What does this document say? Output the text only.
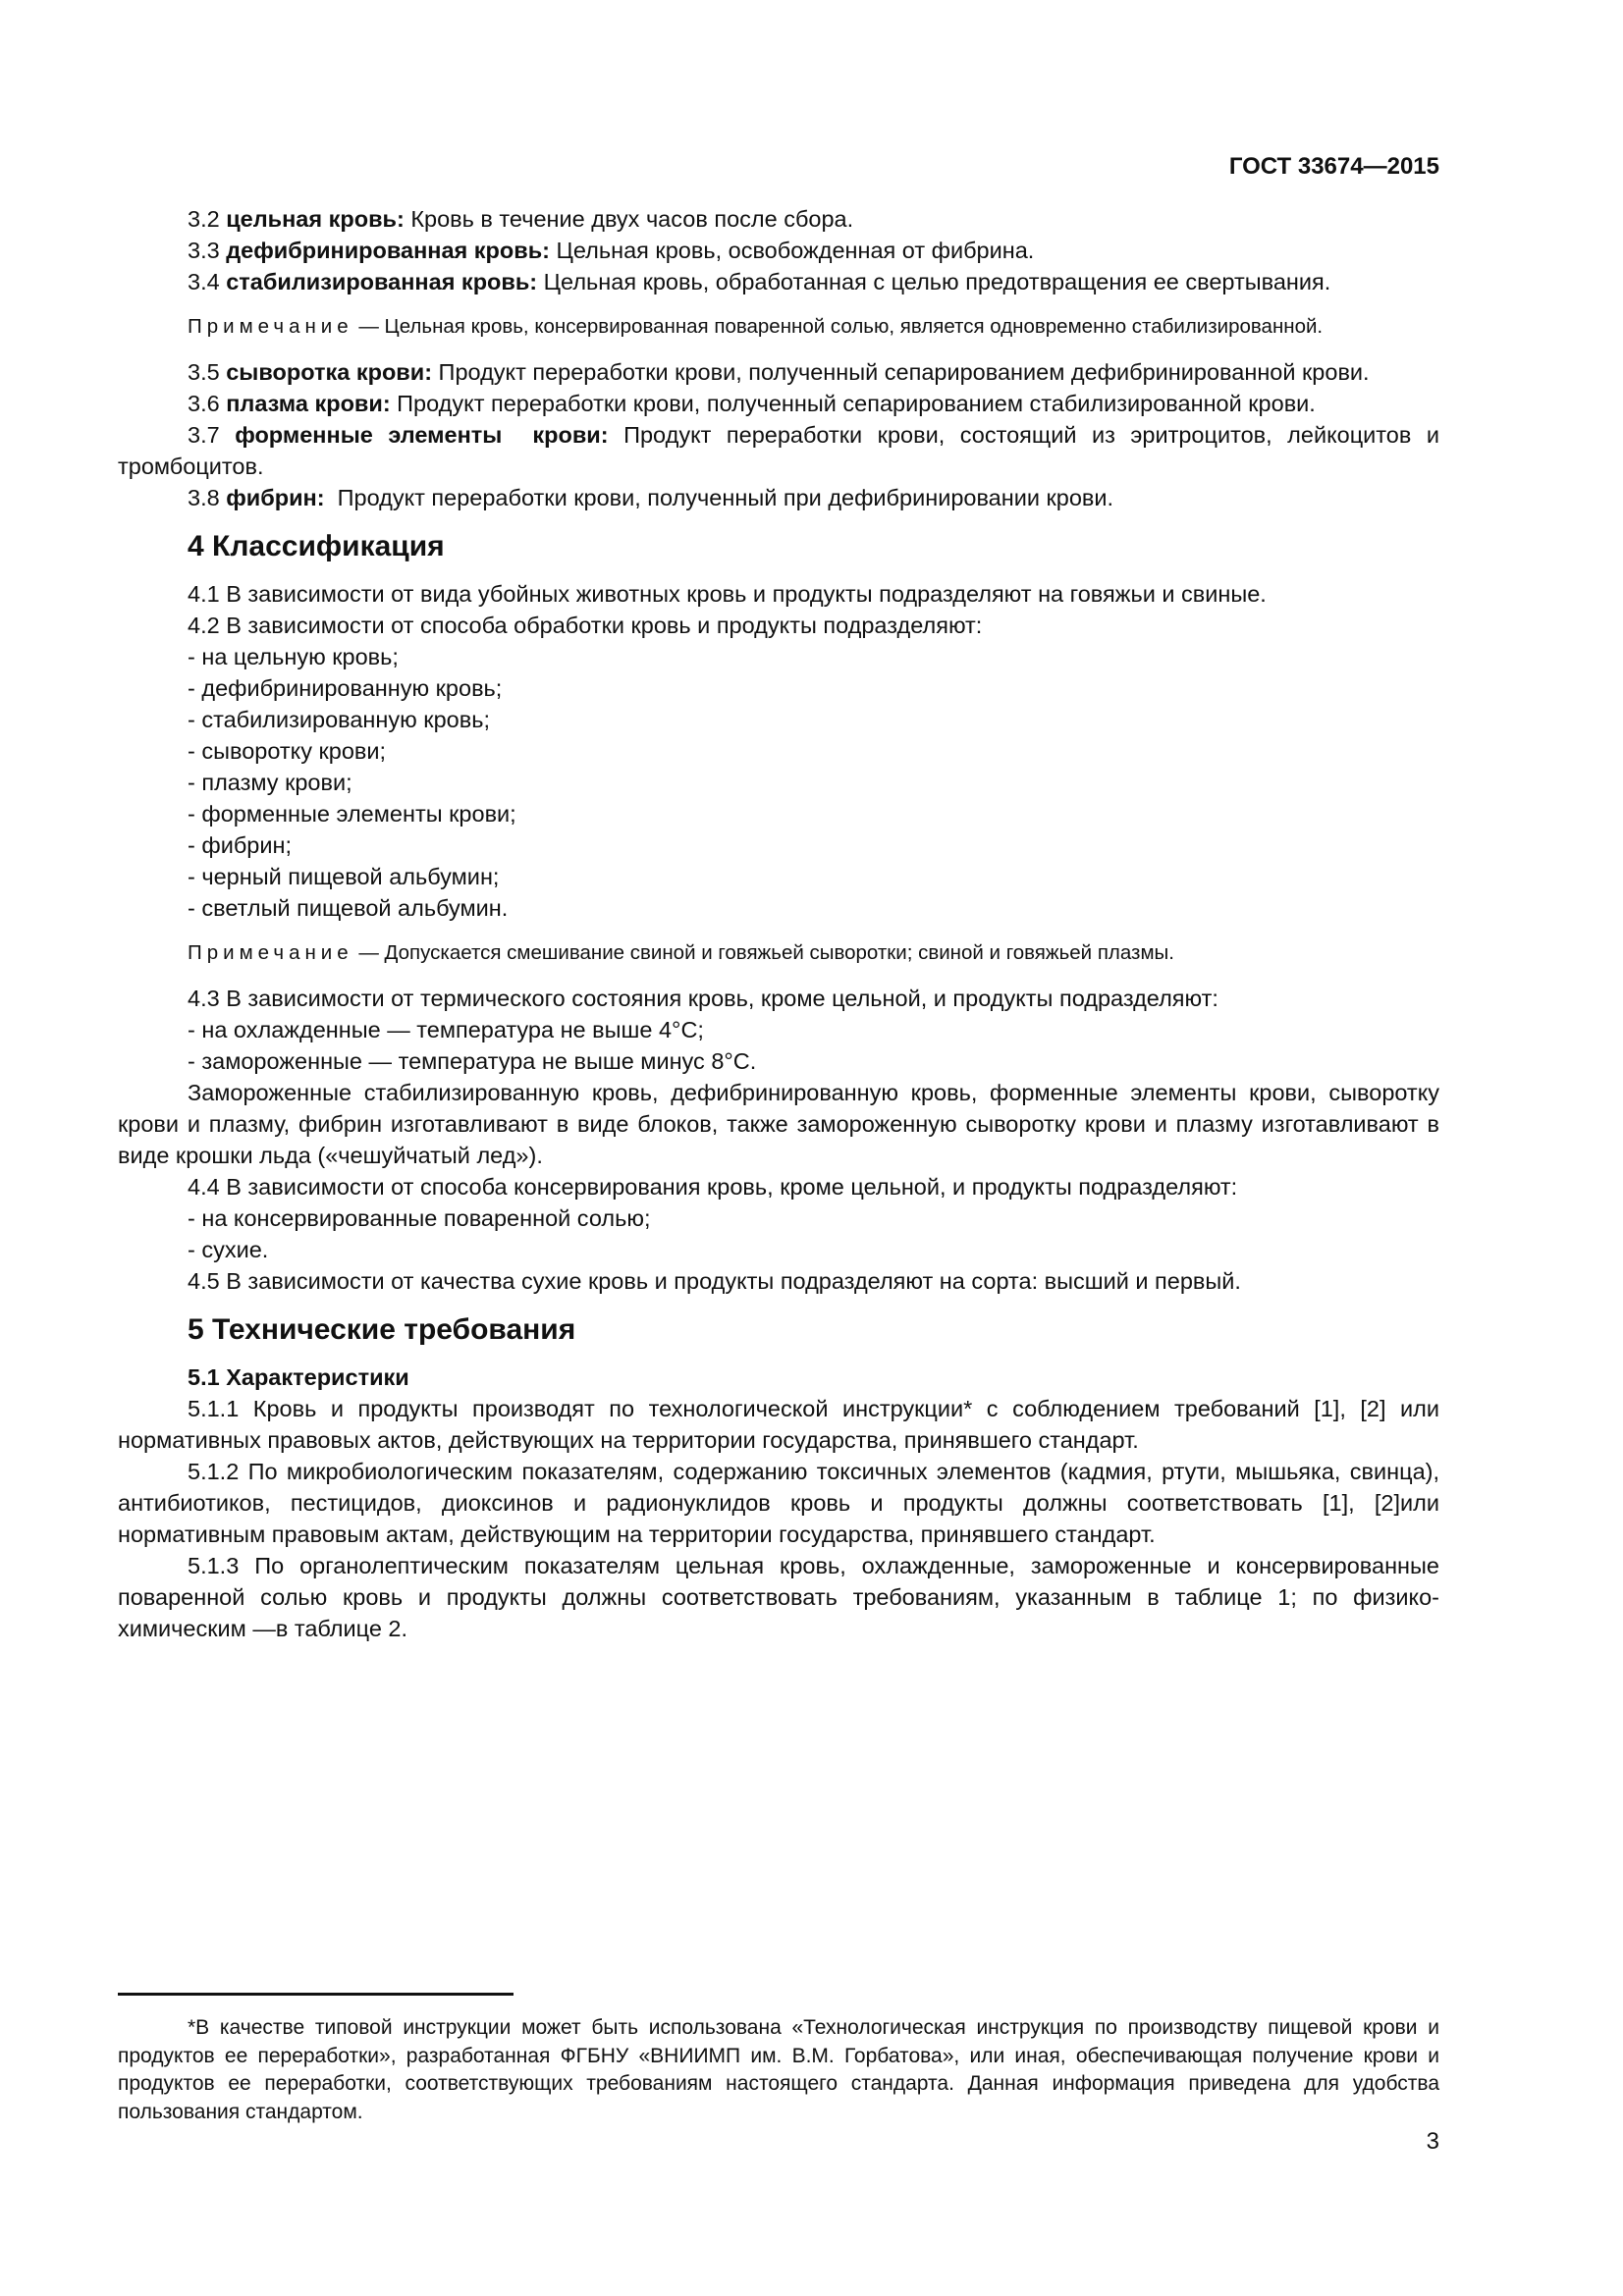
ГОСТ 33674—2015

3.2 цельная кровь: Кровь в течение двух часов после сбора.

3.3 дефибринированная кровь: Цельная кровь, освобожденная от фибрина.

3.4 стабилизированная кровь: Цельная кровь, обработанная с целью предотвращения ее свертывания.

Примечание — Цельная кровь, консервированная поваренной солью, является одновременно стабилизированной.

3.5 сыворотка крови: Продукт переработки крови, полученный сепарированием дефибринированной крови.

3.6 плазма крови: Продукт переработки крови, полученный сепарированием стабилизированной крови.

3.7 форменные элементы  крови: Продукт переработки крови, состоящий из эритроцитов, лейкоцитов и тромбоцитов.

3.8 фибрин:  Продукт переработки крови, полученный при дефибринировании крови.

4 Классификация

4.1 В зависимости от вида убойных животных кровь и продукты подразделяют на говяжьи и свиные.

4.2 В зависимости от способа обработки кровь и продукты подразделяют:

- на цельную кровь;

- дефибринированную кровь;

- стабилизированную кровь;

- сыворотку крови;

- плазму крови;

- форменные элементы крови;

- фибрин;

- черный пищевой альбумин;

- светлый пищевой альбумин.

Примечание — Допускается смешивание свиной и говяжьей сыворотки; свиной и говяжьей плазмы.

4.3 В зависимости от термического состояния кровь, кроме цельной, и продукты подразделяют:

- на охлажденные — температура не выше 4°С;

- замороженные — температура не выше минус 8°С.

Замороженные стабилизированную кровь, дефибринированную кровь, форменные элементы крови, сыворотку крови и плазму, фибрин изготавливают в виде блоков, также замороженную сыворотку крови и плазму изготавливают в виде крошки льда («чешуйчатый лед»).

4.4 В зависимости от способа консервирования кровь, кроме цельной, и продукты подразделяют:

- на консервированные поваренной солью;

- сухие.

4.5 В зависимости от качества сухие кровь и продукты подразделяют на сорта: высший и первый.

5 Технические требования
5.1 Характеристики

5.1.1 Кровь и продукты производят по технологической инструкции* с соблюдением требований [1], [2] или нормативных правовых актов, действующих на территории государства, принявшего стандарт.

5.1.2 По микробиологическим показателям, содержанию токсичных элементов (кадмия, ртути, мышьяка, свинца), антибиотиков, пестицидов, диоксинов и радионуклидов кровь и продукты должны соответствовать [1], [2]или нормативным правовым актам, действующим на территории государства, принявшего стандарт.

5.1.3 По органолептическим показателям цельная кровь, охлажденные, замороженные и консервированные поваренной солью кровь и продукты должны соответствовать требованиям, указанным в таблице 1; по физико-химическим —в таблице 2.

*В качестве типовой инструкции может быть использована «Технологическая инструкция по производству пищевой крови и продуктов ее переработки», разработанная ФГБНУ «ВНИИМП им. В.М. Горбатова», или иная, обеспечивающая получение крови и продуктов ее переработки, соответствующих требованиям настоящего стандарта. Данная информация приведена для удобства пользования стандартом.

3
